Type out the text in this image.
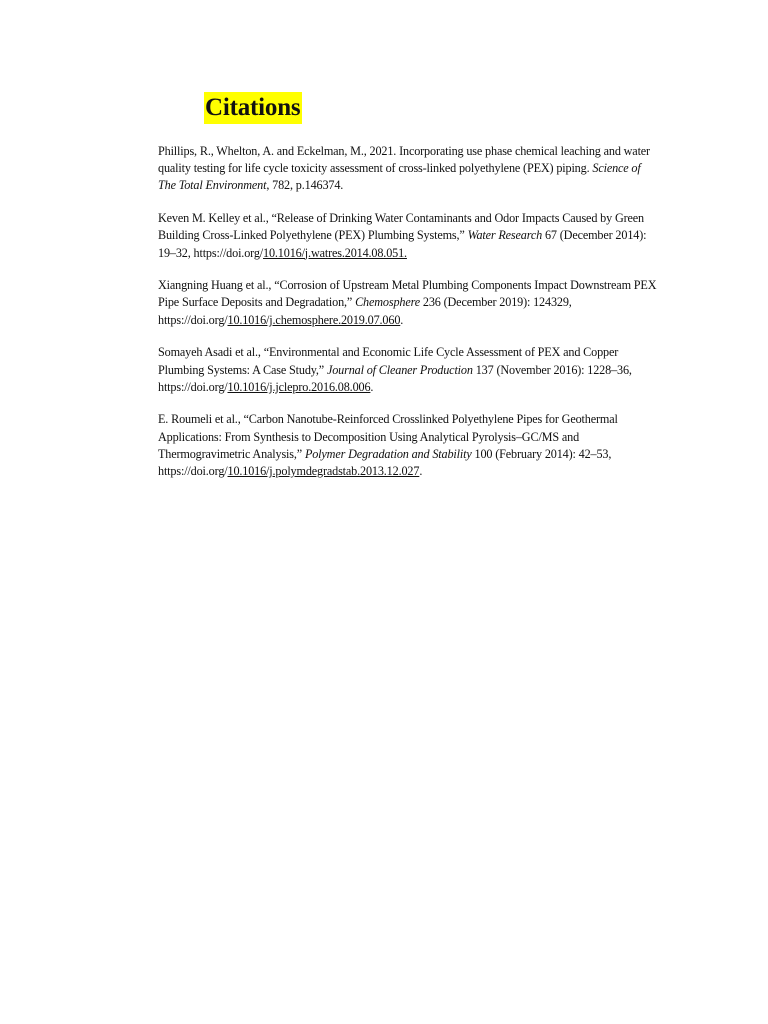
Citations
Phillips, R., Whelton, A. and Eckelman, M., 2021. Incorporating use phase chemical leaching and water quality testing for life cycle toxicity assessment of cross-linked polyethylene (PEX) piping. Science of The Total Environment, 782, p.146374.
Keven M. Kelley et al., “Release of Drinking Water Contaminants and Odor Impacts Caused by Green Building Cross-Linked Polyethylene (PEX) Plumbing Systems,” Water Research 67 (December 2014): 19–32, https://doi.org/10.1016/j.watres.2014.08.051.
Xiangning Huang et al., “Corrosion of Upstream Metal Plumbing Components Impact Downstream PEX Pipe Surface Deposits and Degradation,” Chemosphere 236 (December 2019): 124329, https://doi.org/10.1016/j.chemosphere.2019.07.060.
Somayeh Asadi et al., “Environmental and Economic Life Cycle Assessment of PEX and Copper Plumbing Systems: A Case Study,” Journal of Cleaner Production 137 (November 2016): 1228–36, https://doi.org/10.1016/j.jclepro.2016.08.006.
E. Roumeli et al., “Carbon Nanotube-Reinforced Crosslinked Polyethylene Pipes for Geothermal Applications: From Synthesis to Decomposition Using Analytical Pyrolysis–GC/MS and Thermogravimetric Analysis,” Polymer Degradation and Stability 100 (February 2014): 42–53, https://doi.org/10.1016/j.polymdegradstab.2013.12.027.
